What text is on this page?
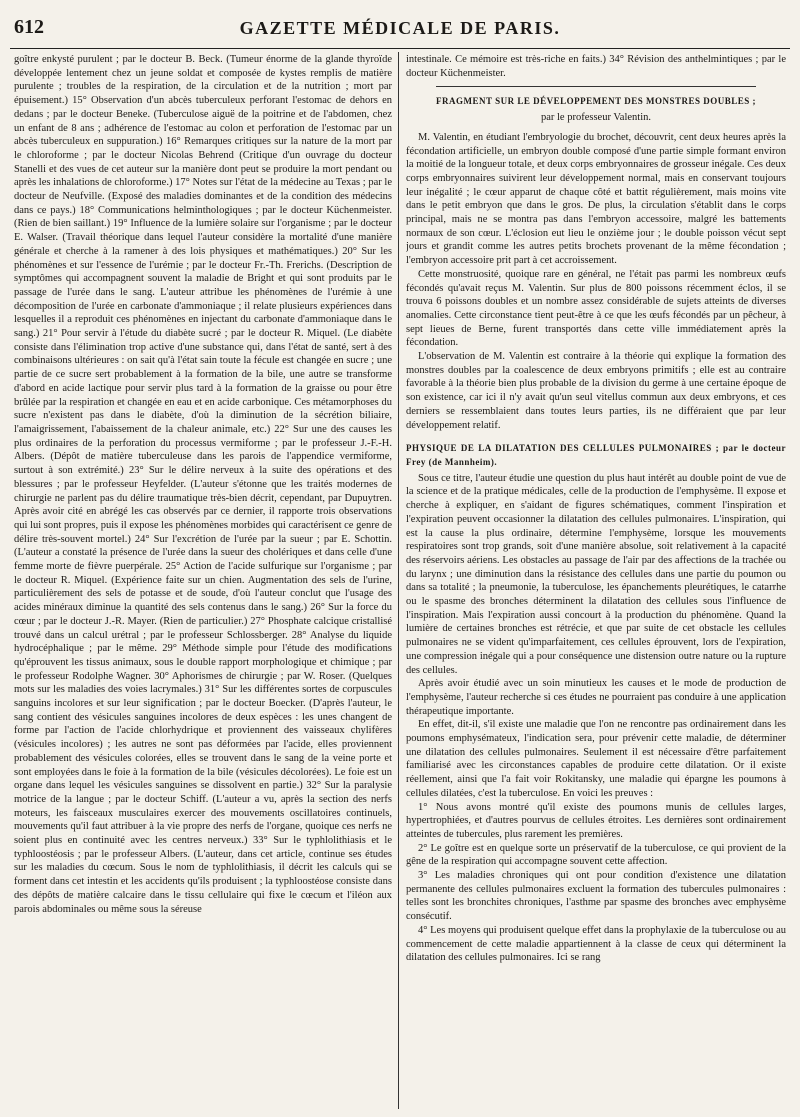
612	GAZETTE MÉDICALE DE PARIS.

goître enkysté purulent ; par le docteur B. Beck. (Tumeur énorme de la glande thyroïde développée lentement chez un jeune soldat et composée de kystes remplis de matière purulente ; troubles de la respiration, de la circulation et de la nutrition ; mort par épuisement.) 15° Observation d'un abcès tuberculeux perforant l'estomac de dehors en dedans ; par le docteur Beneke. (Tuberculose aiguë de la poitrine et de l'abdomen, chez un enfant de 8 ans ; adhérence de l'estomac au colon et perforation de l'estomac par un abcès tuberculeux en suppuration.) 16° Remarques critiques sur la nature de la mort par le chloroforme ; par le docteur Nicolas Behrend (Critique d'un ouvrage du docteur Stanelli et des vues de cet auteur sur la manière dont peut se produire la mort pendant ou après les inhalations de chloroforme.) 17° Notes sur l'état de la médecine au Texas ; par le docteur de Neufville. (Exposé des maladies dominantes et de la condition des médecins dans ce pays.) 18° Communications helminthologiques ; par le docteur Küchenmeister. (Rien de bien saillant.) 19° Influence de la lumière solaire sur l'organisme ; par le docteur E. Walser. (Travail théorique dans lequel l'auteur considère la mortalité d'une manière générale et cherche à la ramener à des lois physiques et mathématiques.) 20° Sur les phénomènes et sur l'essence de l'urémie ; par le docteur Fr.-Th. Frerichs. (Description de symptômes qui accompagnent souvent la maladie de Bright et qui sont produits par le passage de l'urée dans le sang. L'auteur attribue les phénomènes de l'urémie à une décomposition de l'urée en carbonate d'ammoniaque ; il relate plusieurs expériences dans lesquelles il a reproduit ces phénomènes en injectant du carbonate d'ammoniaque dans le sang.) 21° Pour servir à l'étude du diabète sucré ; par le docteur R. Miquel. (Le diabète consiste dans l'élimination trop active d'une substance qui, dans l'état de santé, sert à des combinaisons ultérieures : on sait qu'à l'état sain toute la fécule est changée en sucre ; une partie de ce sucre sert probablement à la formation de la bile, une autre se transforme d'abord en acide lactique pour servir plus tard à la formation de la graisse ou pour être brûlée par la respiration et changée en eau et en acide carbonique. Ces métamorphoses du sucre n'existent pas dans le diabète, d'où la diminution de la sécrétion biliaire, l'amaigrissement, l'abaissement de la chaleur animale, etc.) 22° Sur une des causes les plus ordinaires de la perforation du processus vermiforme ; par le professeur J.-F.-H. Albers. (Dépôt de matière tuberculeuse dans les parois de l'appendice vermiforme, surtout à son extrémité.) 23° Sur le délire nerveux à la suite des opérations et des blessures ; par le professeur Heyfelder. (L'auteur s'étonne que les traités modernes de chirurgie ne parlent pas du délire traumatique très-bien décrit, cependant, par Dupuytren. Après avoir cité en abrégé les cas observés par ce dernier, il rapporte trois observations qui lui sont propres, puis il expose les phénomènes morbides qui caractérisent ce genre de délire très-souvent mortel.) 24° Sur l'excrétion de l'urée par la sueur ; par E. Schottin. (L'auteur a constaté la présence de l'urée dans la sueur des cholériques et dans celle d'une femme morte de fièvre puerpérale. 25° Action de l'acide sulfurique sur l'organisme ; par le docteur R. Miquel. (Expérience faite sur un chien. Augmentation des sels de l'urine, particulièrement des sels de potasse et de soude, d'où l'auteur conclut que l'usage des acides minéraux diminue la quantité des sels contenus dans le sang.) 26° Sur la force du cœur ; par le docteur J.-R. Mayer. (Rien de particulier.) 27° Phosphate calcique cristallisé trouvé dans un calcul urétral ; par le professeur Schlossberger. 28° Analyse du liquide hydrocéphalique ; par le même. 29° Méthode simple pour l'étude des modifications qu'éprouvent les tissus animaux, sous le double rapport morphologique et chimique ; par le professeur Rodolphe Wagner. 30° Aphorismes de chirurgie ; par W. Roser. (Quelques mots sur les maladies des voies lacrymales.) 31° Sur les différentes sortes de corpuscules sanguins incolores et sur leur signification ; par le docteur Boecker. (D'après l'auteur, le sang contient des vésicules sanguines incolores de deux espèces : les unes changent de forme par l'action de l'acide chlorhydrique et proviennent des vaisseaux chylifères (vésicules incolores) ; les autres ne sont pas déformées par l'acide, elles proviennent probablement des vésicules colorées, elles se trouvent dans le sang de la veine porte et sont employées dans le foie à la formation de la bile (vésicules décolorées). Le foie est un organe dans lequel les vésicules sanguines se dissolvent en partie.) 32° Sur la paralysie motrice de la langue ; par le docteur Schiff. (L'auteur a vu, après la section des nerfs moteurs, les faisceaux musculaires exercer des mouvements oscillatoires continuels, mouvements qu'il faut attribuer à la vie propre des nerfs de l'organe, quoique ces nerfs ne soient plus en continuité avec les centres nerveux.) 33° Sur le typhlolithiasis et le typhloostéosis ; par le professeur Albers. (L'auteur, dans cet article, continue ses études sur les maladies du cœcum. Sous le nom de typhlolithiasis, il décrit les calculs qui se forment dans cet intestin et les accidents qu'ils produisent ; la typhloostéose consiste dans des dépôts de matière calcaire dans le tissu cellulaire qui fixe le cœcum et l'iléon aux parois abdominales ou même sous la séreuse

intestinale. Ce mémoire est très-riche en faits.) 34° Révision des anthelmintiques ; par le docteur Küchenmeister.

FRAGMENT SUR LE DÉVELOPPEMENT DES MONSTRES DOUBLES ;
par le professeur Valentin.

M. Valentin, en étudiant l'embryologie du brochet, découvrit, cent deux heures après la fécondation artificielle, un embryon double composé d'une partie simple formant environ la moitié de la longueur totale, et deux corps embryonnaires de grosseur inégale. Ces deux corps embryonnaires suivirent leur développement normal, mais en conservant toujours leur inégalité ; le cœur apparut de chaque côté et battit régulièrement, mais moins vite dans le petit embryon que dans le gros. De plus, la circulation s'établit dans le corps principal, mais ne se montra pas dans l'embryon accessoire, malgré les battements normaux de son cœur. L'éclosion eut lieu le onzième jour ; le double poisson vécut sept jours et grandit comme les autres petits brochets provenant de la même fécondation ; l'embryon accessoire prit part à cet accroissement.

Cette monstruosité, quoique rare en général, ne l'était pas parmi les nombreux œufs fécondés qu'avait reçus M. Valentin. Sur plus de 800 poissons récemment éclos, il se trouva 6 poissons doubles et un nombre assez considérable de sujets atteints de diverses anomalies. Cette circonstance tient peut-être à ce que les œufs fécondés par un pêcheur, à sept lieues de Berne, furent transportés dans cette ville immédiatement après la fécondation.

L'observation de M. Valentin est contraire à la théorie qui explique la formation des monstres doubles par la coalescence de deux embryons primitifs ; elle est au contraire favorable à la théorie bien plus probable de la division du germe à une certaine époque de son existence, car ici il n'y avait qu'un seul vitellus commun aux deux embryons, et ces derniers se ressemblaient dans toutes leurs parties, ils ne différaient que par leur développement relatif.

PHYSIQUE DE LA DILATATION DES CELLULES PULMONAIRES ; par le docteur Frey (de Mannheim).

Sous ce titre, l'auteur étudie une question du plus haut intérêt au double point de vue de la science et de la pratique médicales, celle de la production de l'emphysème. Il expose et cherche à expliquer, en s'aidant de figures schématiques, comment l'inspiration et l'expiration peuvent occasionner la dilatation des cellules pulmonaires. L'inspiration, qui est la cause la plus ordinaire, détermine l'emphysème, lorsque les mouvements respiratoires sont trop grands, soit d'une manière absolue, soit relativement à la capacité des réservoirs aériens. Les obstacles au passage de l'air par des affections de la trachée ou du larynx ; une diminution dans la résistance des cellules dans une partie du poumon ou dans sa totalité ; la pneumonie, la tuberculose, les épanchements pleurétiques, le catarrhe ou le spasme des bronches déterminent la dilatation des cellules sous l'influence de l'inspiration. Mais l'expiration aussi concourt à la production du phénomène. Quand la lumière de certaines bronches est rétrécie, et que par suite de cet obstacle les cellules pulmonaires ne se vident qu'imparfaitement, ces cellules éprouvent, lors de l'expiration, une compression inégale qui a pour conséquence une distension outre nature ou la rupture des cellules.

Après avoir étudié avec un soin minutieux les causes et le mode de production de l'emphysème, l'auteur recherche si ces études ne pourraient pas conduire à une application thérapeutique importante.

En effet, dit-il, s'il existe une maladie que l'on ne rencontre pas ordinairement dans les poumons emphysémateux, l'indication sera, pour prévenir cette maladie, de déterminer une dilatation des cellules pulmonaires. Seulement il est nécessaire d'être parfaitement familiarisé avec les circonstances capables de produire cette dilatation. Or il existe réellement, ainsi que l'a fait voir Rokitansky, une maladie qui épargne les poumons à cellules dilatées, c'est la tuberculose. En voici les preuves :

1° Nous avons montré qu'il existe des poumons munis de cellules larges, hypertrophiées, et d'autres pourvus de cellules étroites. Les dernières sont ordinairement atteintes de tubercules, plus rarement les premières.

2° Le goître est en quelque sorte un préservatif de la tuberculose, ce qui provient de la gêne de la respiration qui accompagne souvent cette affection.

3° Les maladies chroniques qui ont pour condition d'existence une dilatation permanente des cellules pulmonaires excluent la formation des tubercules pulmonaires : telles sont les bronchites chroniques, l'asthme par spasme des bronches avec emphysème consécutif.

4° Les moyens qui produisent quelque effet dans la prophylaxie de la tuberculose ou au commencement de cette maladie appartiennent à la classe de ceux qui déterminent la dilatation des cellules pulmonaires. Ici se rang
